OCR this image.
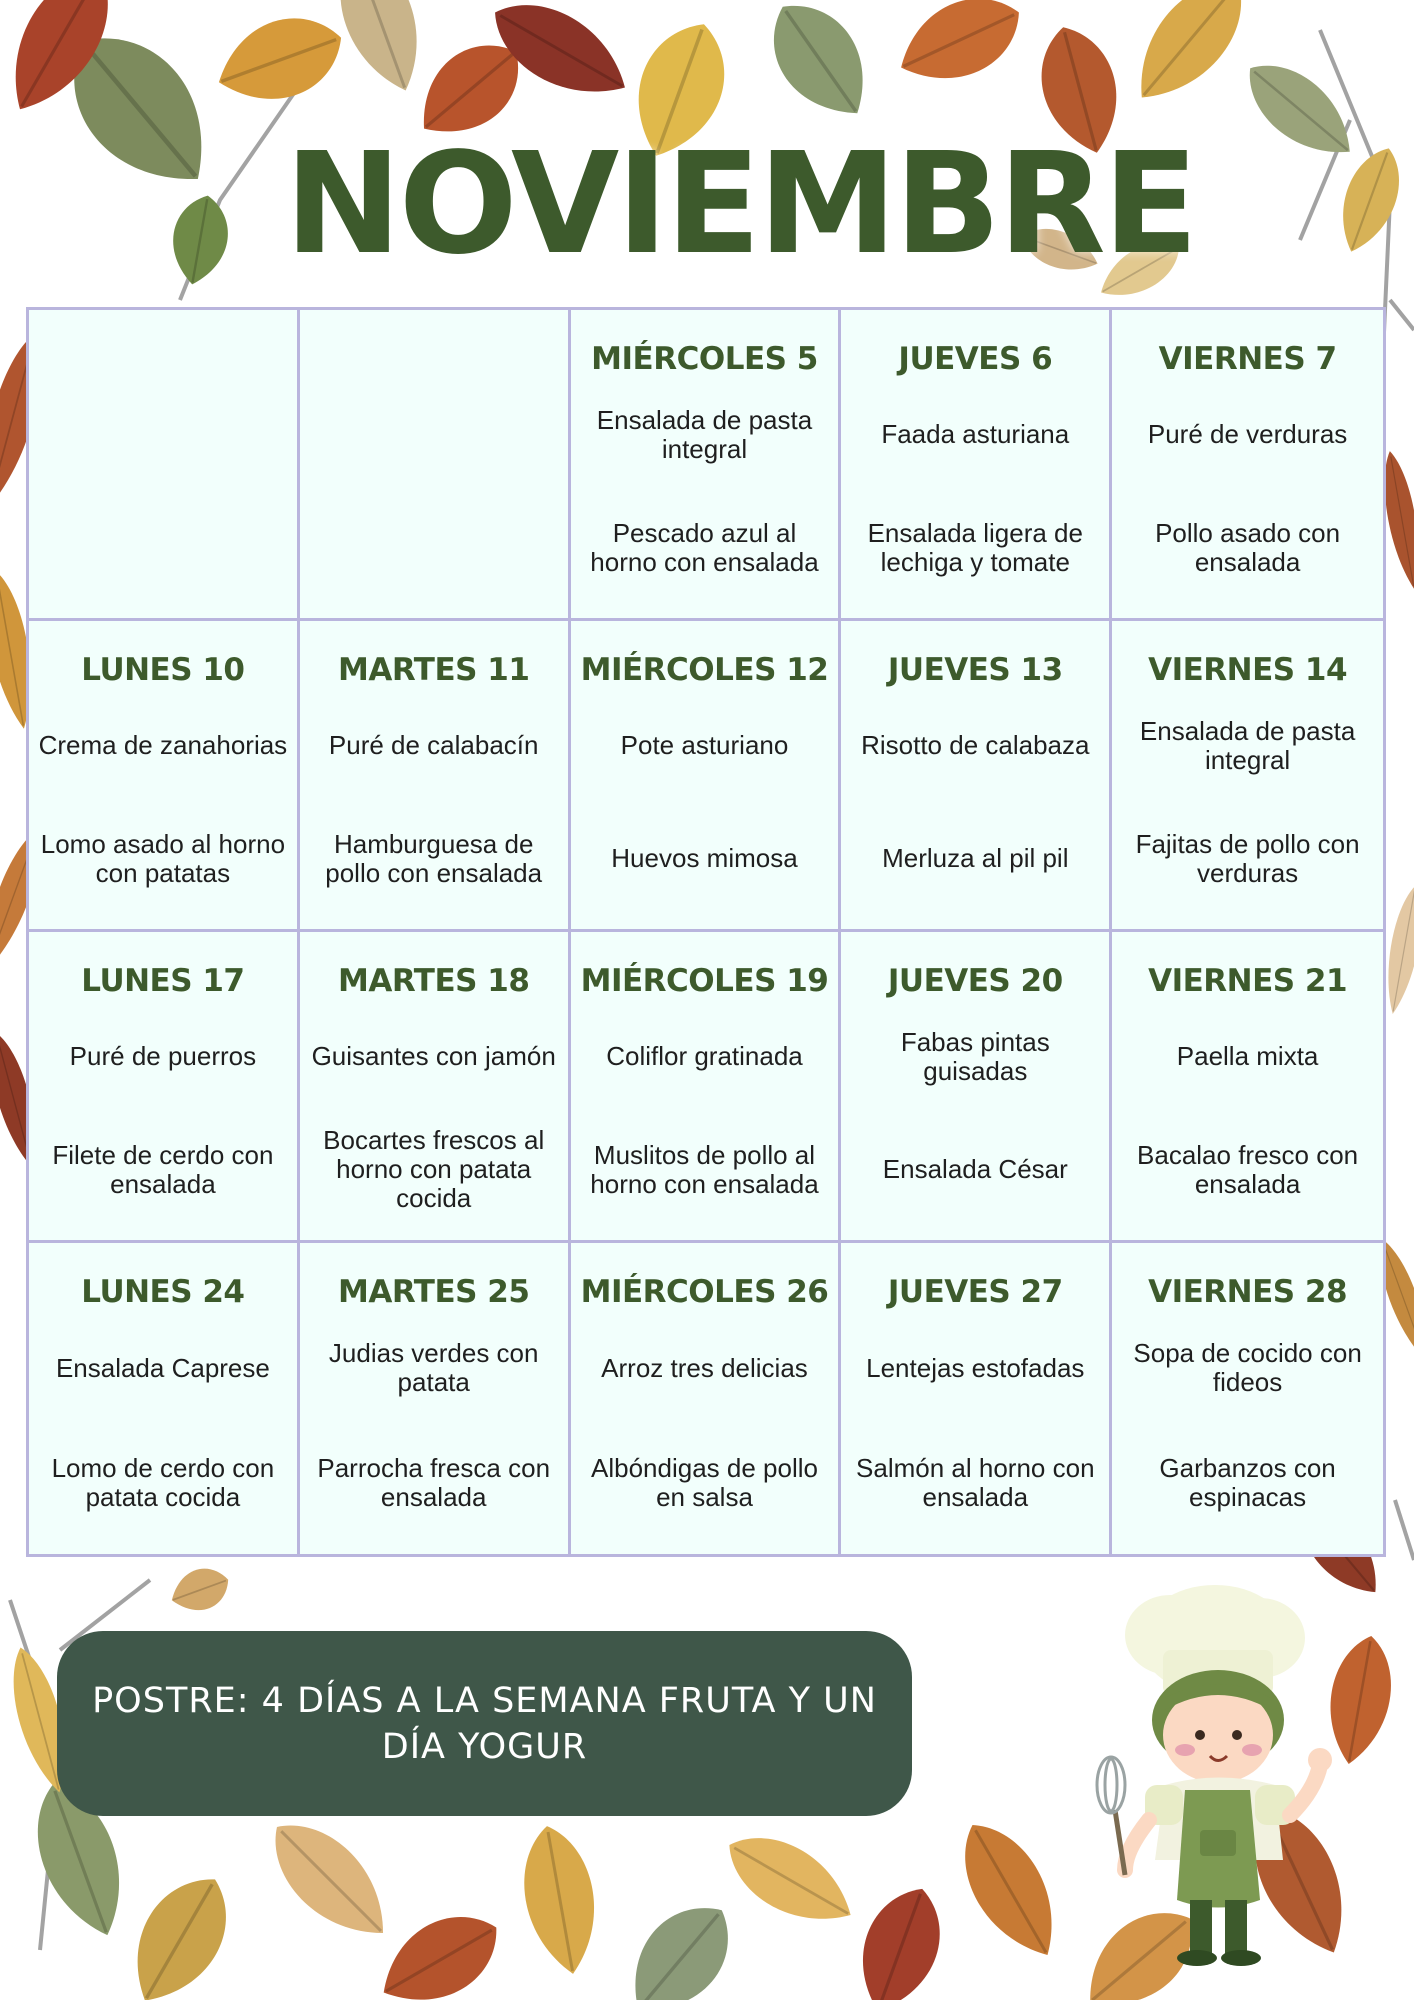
NOVIEMBRE
MIÉRCOLES 5
Ensalada de pasta integral
Pescado azul al horno con ensalada
JUEVES 6
Faada asturiana
Ensalada ligera de lechiga y tomate
VIERNES 7
Puré de verduras
Pollo asado con ensalada
LUNES 10
Crema de zanahorias
Lomo asado al horno con patatas
MARTES 11
Puré de calabacín
Hamburguesa de pollo con ensalada
MIÉRCOLES 12
Pote asturiano
Huevos mimosa
JUEVES 13
Risotto de calabaza
Merluza al pil pil
VIERNES 14
Ensalada de pasta integral
Fajitas de pollo con verduras
LUNES 17
Puré de puerros
Filete de cerdo con ensalada
MARTES 18
Guisantes con jamón
Bocartes frescos al horno con patata cocida
MIÉRCOLES 19
Coliflor gratinada
Muslitos de pollo al horno con ensalada
JUEVES 20
Fabas pintas guisadas
Ensalada César
VIERNES 21
Paella mixta
Bacalao fresco con ensalada
LUNES 24
Ensalada Caprese
Lomo de cerdo con patata cocida
MARTES 25
Judias verdes con patata
Parrocha fresca con ensalada
MIÉRCOLES 26
Arroz tres delicias
Albóndigas de pollo en salsa
JUEVES 27
Lentejas estofadas
Salmón al horno con ensalada
VIERNES 28
Sopa de cocido con fideos
Garbanzos con espinacas
POSTRE: 4 DÍAS A LA SEMANA FRUTA Y UN DÍA YOGUR
